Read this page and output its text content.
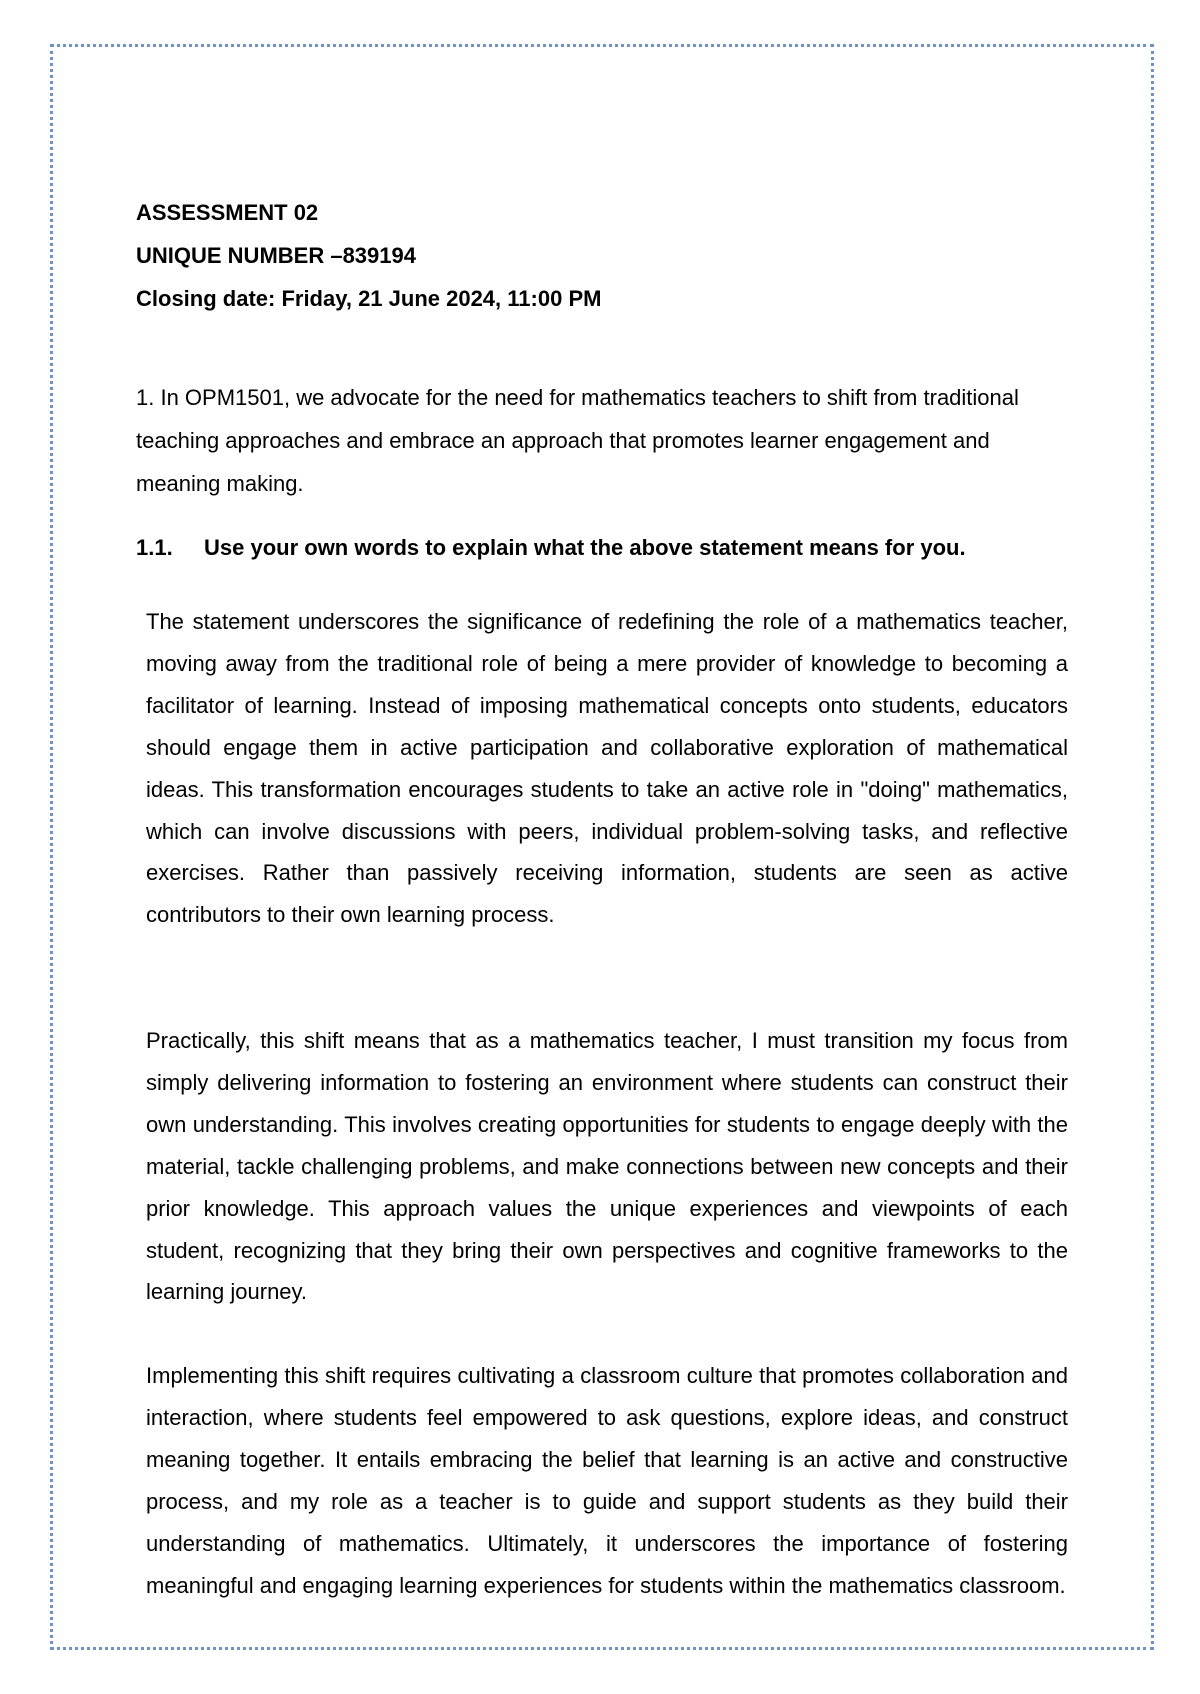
ASSESSMENT 02
UNIQUE NUMBER –839194
Closing date: Friday, 21 June 2024, 11:00 PM
1. In OPM1501, we advocate for the need for mathematics teachers to shift from traditional teaching approaches and embrace an approach that promotes learner engagement and meaning making.
1.1. Use your own words to explain what the above statement means for you.

The statement underscores the significance of redefining the role of a mathematics teacher, moving away from the traditional role of being a mere provider of knowledge to becoming a facilitator of learning. Instead of imposing mathematical concepts onto students, educators should engage them in active participation and collaborative exploration of mathematical ideas. This transformation encourages students to take an active role in "doing" mathematics, which can involve discussions with peers, individual problem-solving tasks, and reflective exercises. Rather than passively receiving information, students are seen as active contributors to their own learning process.

Practically, this shift means that as a mathematics teacher, I must transition my focus from simply delivering information to fostering an environment where students can construct their own understanding. This involves creating opportunities for students to engage deeply with the material, tackle challenging problems, and make connections between new concepts and their prior knowledge. This approach values the unique experiences and viewpoints of each student, recognizing that they bring their own perspectives and cognitive frameworks to the learning journey.

Implementing this shift requires cultivating a classroom culture that promotes collaboration and interaction, where students feel empowered to ask questions, explore ideas, and construct meaning together. It entails embracing the belief that learning is an active and constructive process, and my role as a teacher is to guide and support students as they build their understanding of mathematics. Ultimately, it underscores the importance of fostering meaningful and engaging learning experiences for students within the mathematics classroom.
